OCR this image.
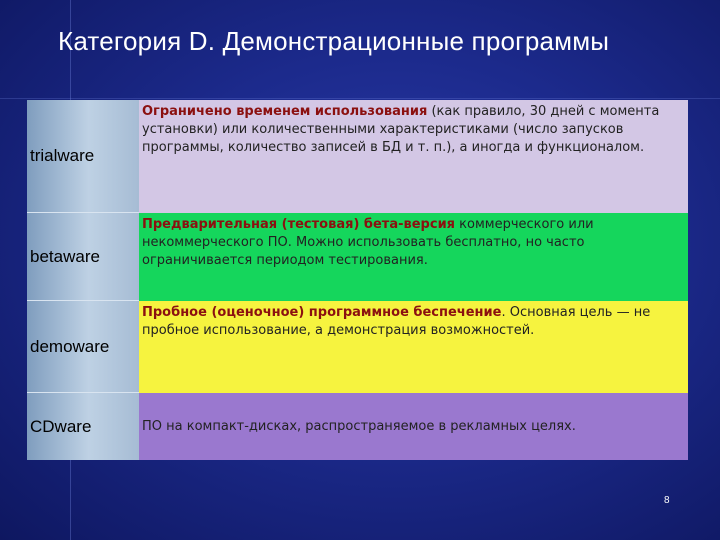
Категория D. Демонстрационные программы
trialware
Ограничено временем использования (как правило, 30 дней с момента установки) или количественными характеристиками (число запусков программы, количество записей в БД и т. п.), а иногда и функционалом.
betaware
Предварительная (тестовая) бета-версия коммерческого или некоммерческого ПО. Можно использовать бесплатно, но часто ограничивается периодом тестирования.
demoware
Пробное (оценочное) программное беспечение. Основная цель — не пробное использование, а демонстрация возможностей.
CDware	ПО на компакт-дисках, распространяемое в рекламных целях.
8
